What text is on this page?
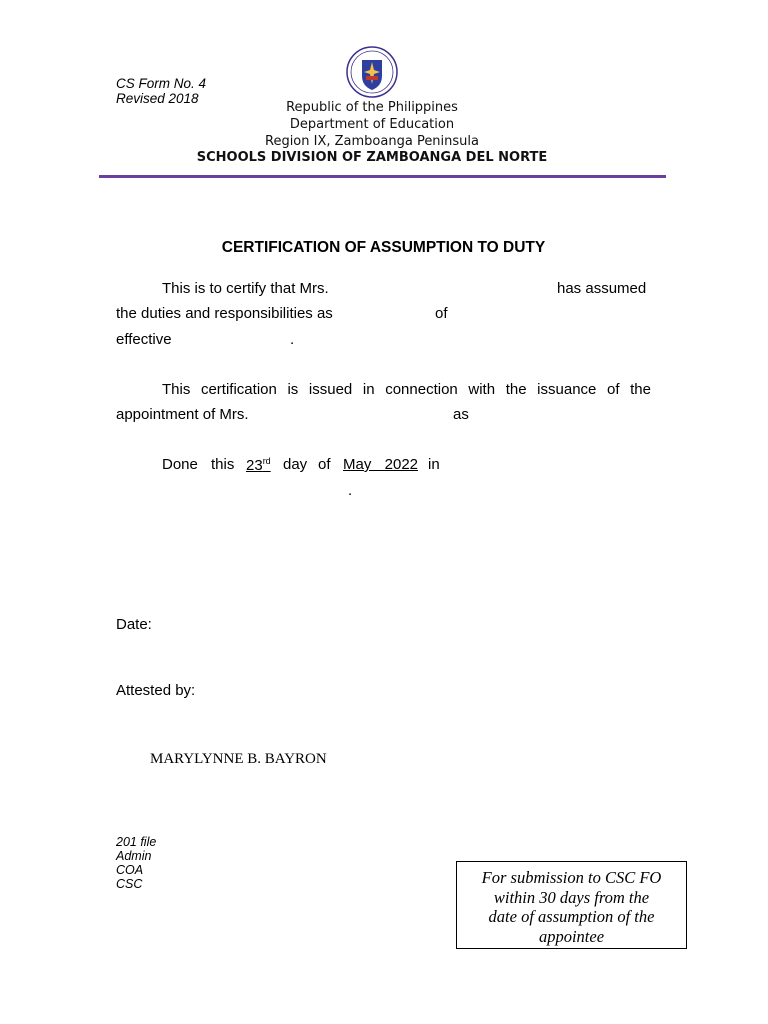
CS Form No. 4
Revised 2018
Republic of the Philippines
Department of Education
Region IX, Zamboanga Peninsula
SCHOOLS DIVISION OF ZAMBOANGA DEL NORTE
CERTIFICATION OF ASSUMPTION TO DUTY
This is to certify that Mrs.	has assumed
the duties and responsibilities as	of
effective	.
This certification is issued in connection with the issuance of the
appointment of Mrs.	as
Done this 23rd day of May 2022 in
.
Date:
Attested by:
MARYLYNNE B. BAYRON
201 file
Admin
COA
CSC	For submission to CSC FO
within 30 days from the
date of assumption of the
appointee
